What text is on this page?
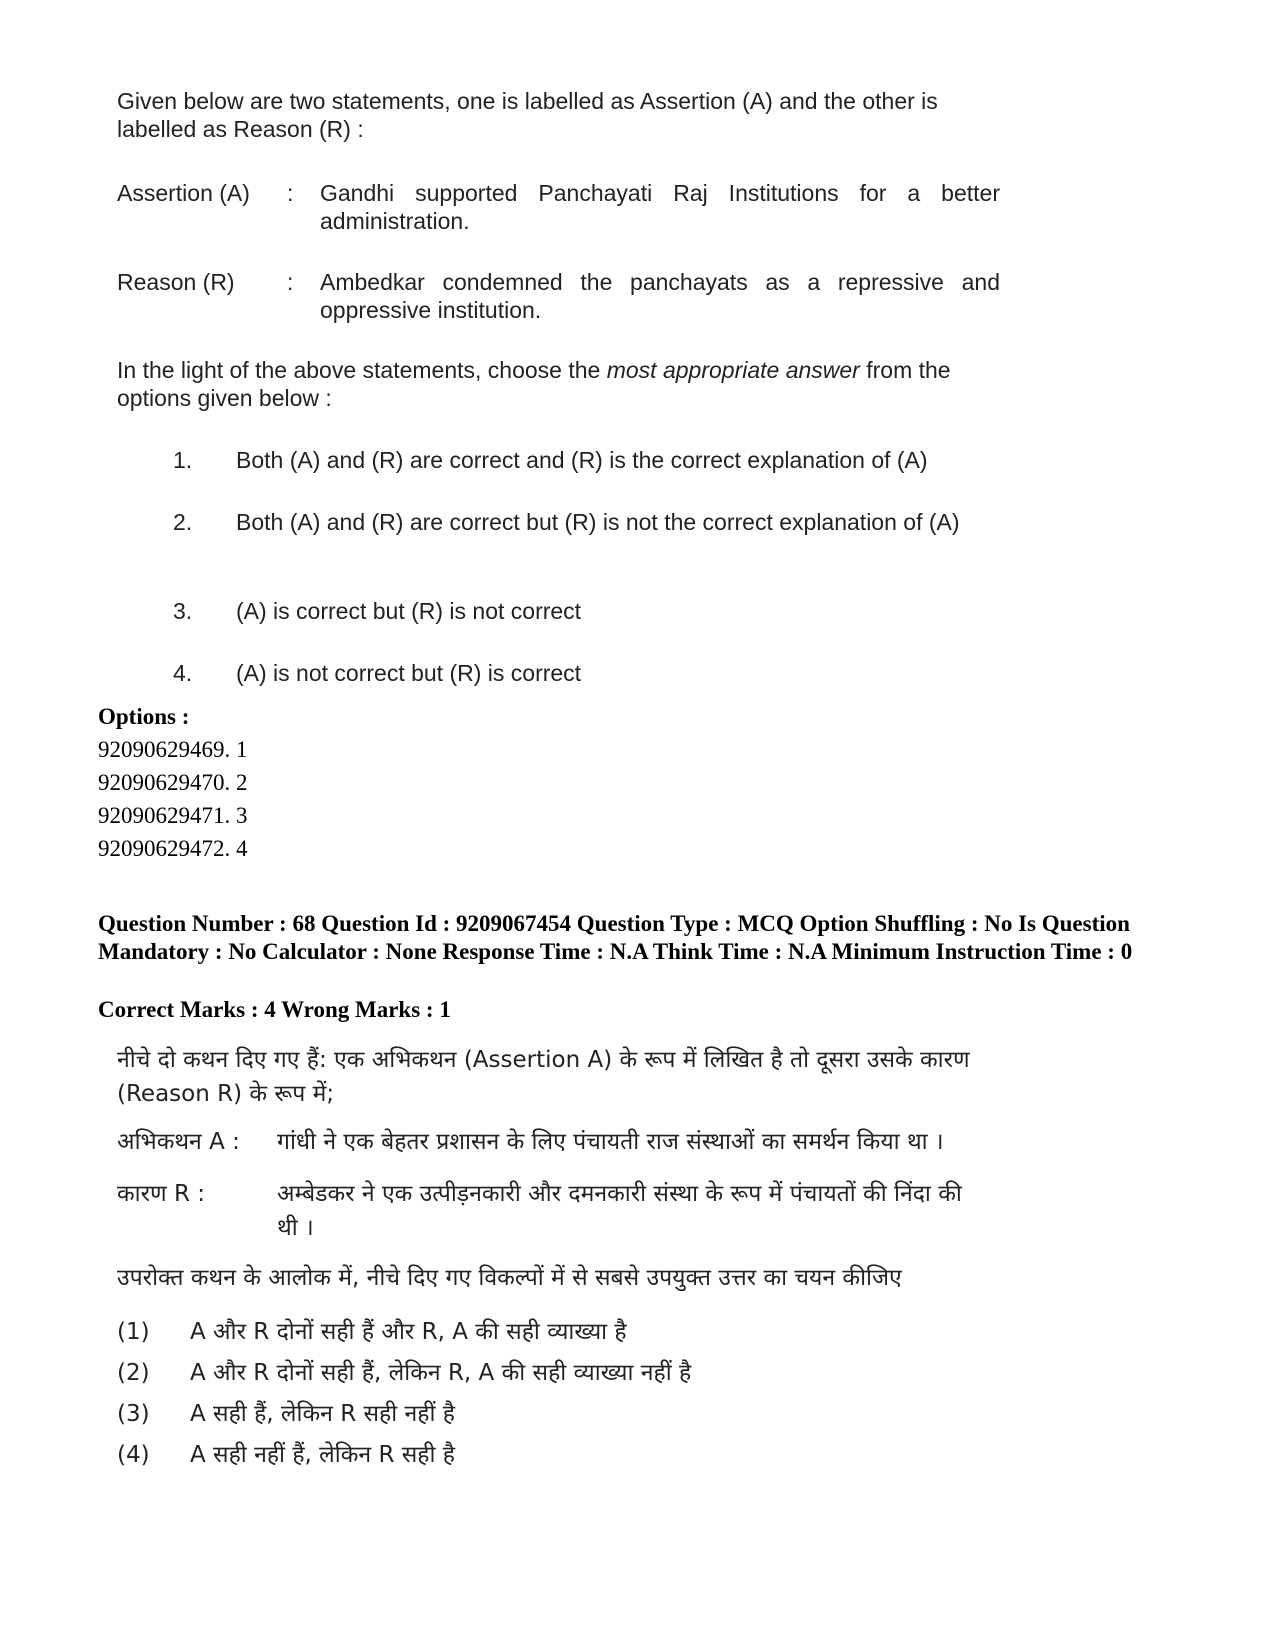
Given below are two statements, one is labelled as Assertion (A) and the other is labelled as Reason (R) :
Assertion (A)	:	Gandhi supported Panchayati Raj Institutions for a better administration.
Reason (R)	:	Ambedkar condemned the panchayats as a repressive and oppressive institution.
In the light of the above statements, choose the most appropriate answer from the options given below :
1.	Both (A) and (R) are correct and (R) is the correct explanation of (A)
2.	Both (A) and (R) are correct but (R) is not the correct explanation of (A)
3.	(A) is correct but (R) is not correct
4.	(A) is not correct but (R) is correct
Options :
92090629469. 1
92090629470. 2
92090629471. 3
92090629472. 4
Question Number : 68 Question Id : 9209067454 Question Type : MCQ Option Shuffling : No Is Question Mandatory : No Calculator : None Response Time : N.A Think Time : N.A Minimum Instruction Time : 0
Correct Marks : 4 Wrong Marks : 1
नीचे दो कथन दिए गए हैं: एक अभिकथन (Assertion A) के रूप में लिखित है तो दूसरा उसके कारण
(Reason R) के रूप में;
अभिकथन A : गांधी ने एक बेहतर प्रशासन के लिए पंचायती राज संस्थाओं का समर्थन किया था ।
कारण R :	अम्बेडकर ने एक उत्पीड़नकारी और दमनकारी संस्था के रूप में पंचायतों की निंदा की
थी ।
उपरोक्त कथन के आलोक में, नीचे दिए गए विकल्पों में से सबसे उपयुक्त उत्तर का चयन कीजिए
(1) A और R दोनों सही हैं और R, A की सही व्याख्या है
(2) A और R दोनों सही हैं, लेकिन R, A की सही व्याख्या नहीं है
(3) A सही हैं, लेकिन R सही नहीं है
(4) A सही नहीं हैं, लेकिन R सही है
